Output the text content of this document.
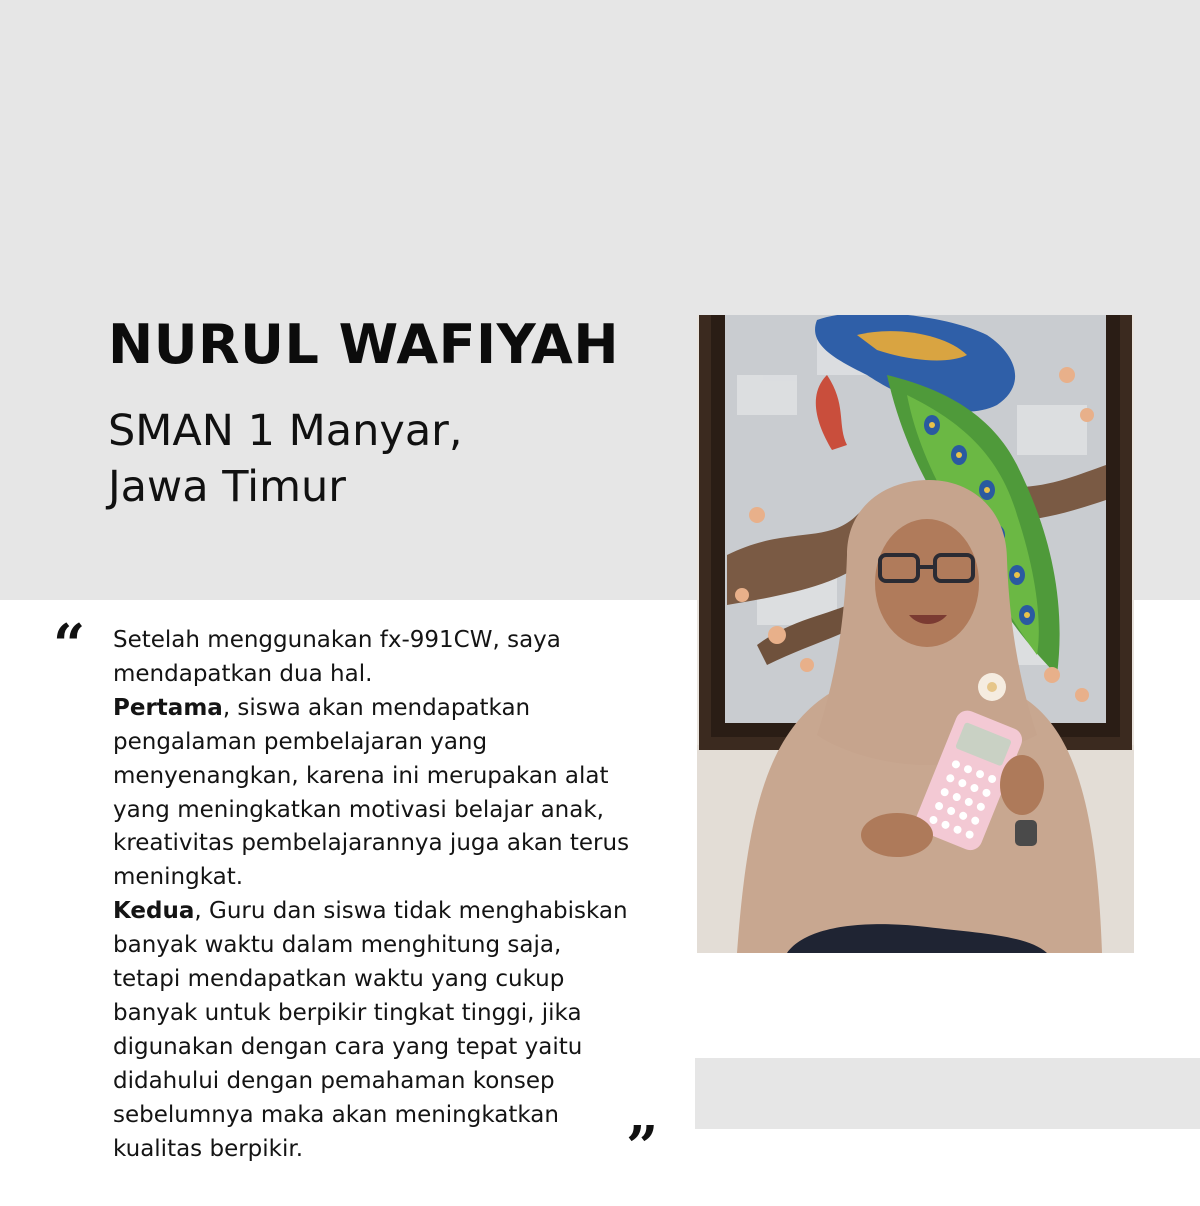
NURUL WAFIYAH
SMAN 1 Manyar,
Jawa Timur
“ Setelah menggunakan fx-991CW, saya
mendapatkan dua hal.
Pertama, siswa akan mendapatkan
pengalaman pembelajaran yang
menyenangkan, karena ini merupakan alat
yang meningkatkan motivasi belajar anak,
kreativitas pembelajarannya juga akan terus
meningkat.
Kedua, Guru dan siswa tidak menghabiskan
banyak waktu dalam menghitung saja,
tetapi mendapatkan waktu yang cukup
banyak untuk berpikir tingkat tinggi, jika
digunakan dengan cara yang tepat yaitu
didahului dengan pemahaman konsep
sebelumnya maka akan meningkatkan
kualitas berpikir.	”
